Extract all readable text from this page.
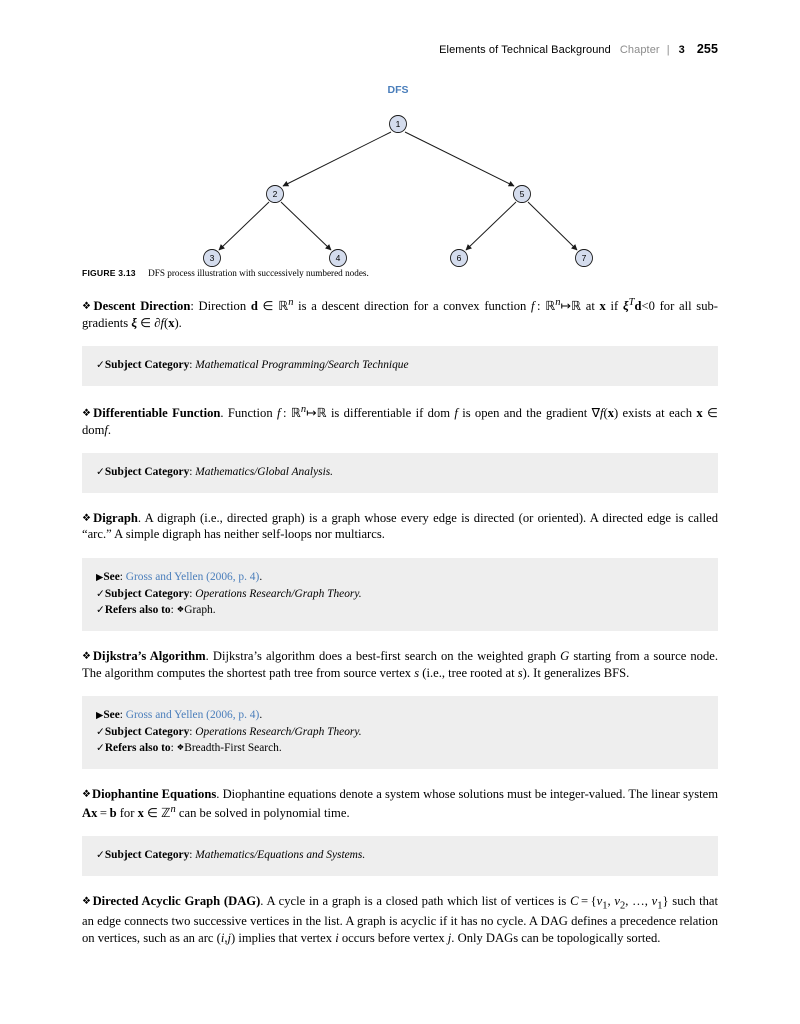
Elements of Technical Background Chapter | 3 255
DFS
1
2	5
3	4	6	7
FIGURE 3.13 DFS process illustration with successively numbered nodes.

❖Descent Direction: Direction d ∈ ℝ$^n$ is a descent direction for a convex function f : ℝ$^n$↦ℝ at x if $\xi^Td<0$ for all sub-gradients ξ ∈ ∂f(x).

✓Subject Category: Mathematical Programming/Search Technique

❖Differentiable Function. Function f : ℝ$^n$↦ℝ is differentiable if dom f is open and the gradient ∇f(x) exists at each x ∈ domf.

✓Subject Category: Mathematics/Global Analysis.

❖Digraph. A digraph (i.e., directed graph) is a graph whose every edge is directed (or oriented). A directed edge is called “arc.” A simple digraph has neither self-loops nor multiarcs.

▶See: Gross and Yellen (2006, p. 4).
✓Subject Category: Operations Research/Graph Theory.
✓Refers also to: ❖Graph.

❖Dijkstra’s Algorithm. Dijkstra’s algorithm does a best-first search on the weighted graph G starting from a source node. The algorithm computes the shortest path tree from source vertex s (i.e., tree rooted at s). It generalizes BFS.

▶See: Gross and Yellen (2006, p. 4).
✓Subject Category: Operations Research/Graph Theory.
✓Refers also to: ❖Breadth-First Search.

❖Diophantine Equations. Diophantine equations denote a system whose solutions must be integer-valued. The linear system Ax = b for x ∈ ℤ$^n$ can be solved in polynomial time.

✓Subject Category: Mathematics/Equations and Systems.

❖Directed Acyclic Graph (DAG). A cycle in a graph is a closed path which list of vertices is $C = \{v_1$, $v_2$, …, $v_1$} such that an edge connects two successive vertices in the list. A graph is acyclic if it has no cycle. A DAG defines a precedence relation on vertices, such as an arc (i,j) implies that vertex i occurs before vertex j. Only DAGs can be topologically sorted.
